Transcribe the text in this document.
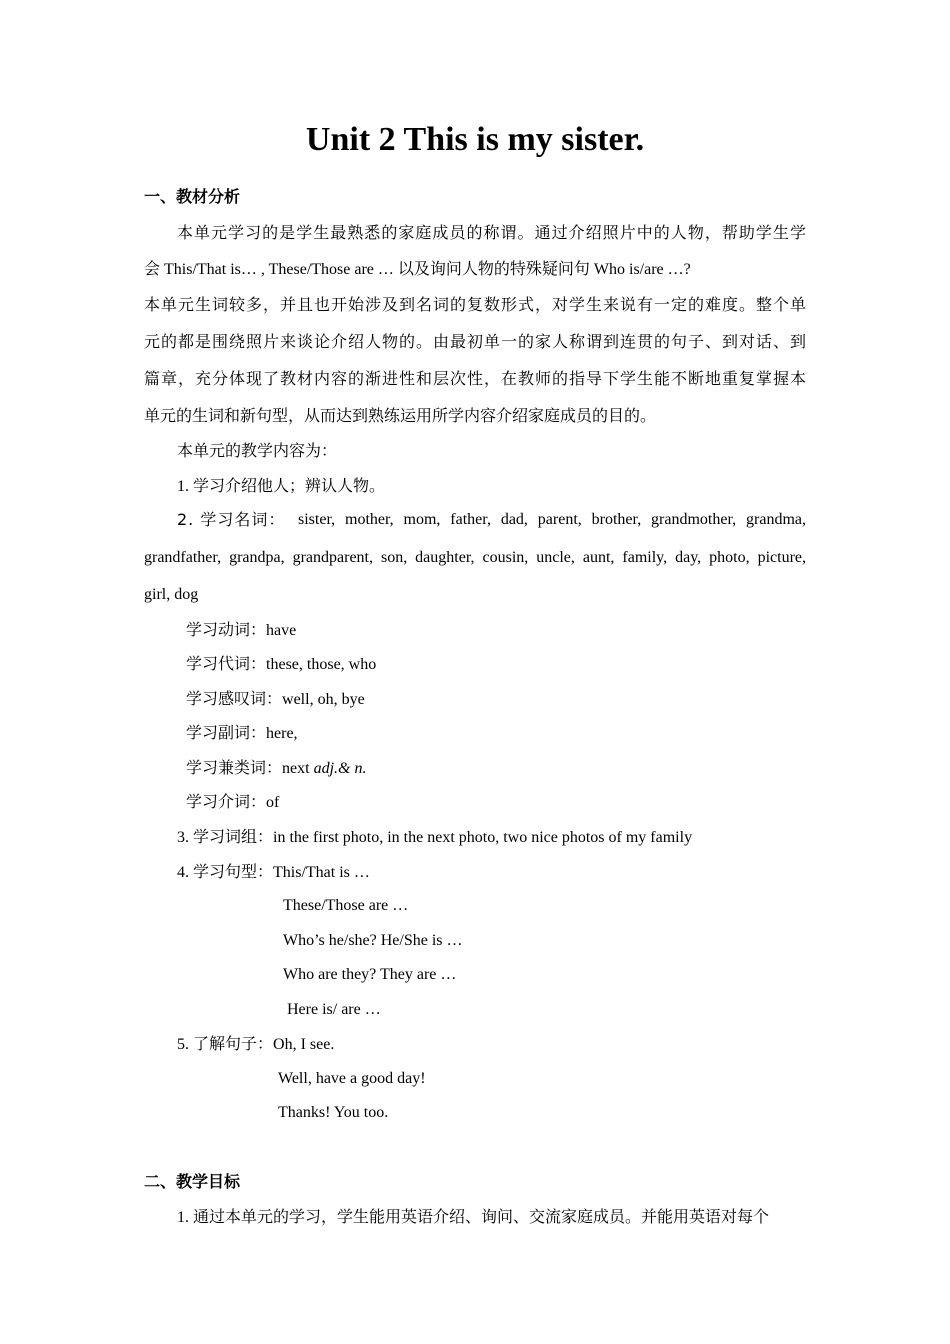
Unit 2 This is my sister.
一、教材分析
本单元学习的是学生最熟悉的家庭成员的称谓。通过介绍照片中的人物，帮助学生学
会 This/That is… , These/Those are … 以及询问人物的特殊疑问句 Who is/are …?
本单元生词较多，并且也开始涉及到名词的复数形式，对学生来说有一定的难度。整个单
元的都是围绕照片来谈论介绍人物的。由最初单一的家人称谓到连贯的句子、到对话、到
篇章，充分体现了教材内容的渐进性和层次性，在教师的指导下学生能不断地重复掌握本
单元的生词和新句型，从而达到熟练运用所学内容介绍家庭成员的目的。
本单元的教学内容为：
1. 学习介绍他人；辨认人物。
2. 学习名词： sister, mother, mom, father, dad, parent, brother, grandmother, grandma,
grandfather, grandpa, grandparent, son, daughter, cousin, uncle, aunt, family, day, photo, picture,
girl, dog
学习动词：have
学习代词：these, those, who
学习感叹词：well, oh, bye
学习副词：here,
学习兼类词：next adj.& n.
学习介词：of
3. 学习词组：in the first photo, in the next photo, two nice photos of my family
4. 学习句型：This/That is …
These/Those are …
Who’s he/she? He/She is …
Who are they? They are …
Here is/ are …
5. 了解句子：Oh, I see.
Well, have a good day!
Thanks! You too.
二、教学目标
1. 通过本单元的学习，学生能用英语介绍、询问、交流家庭成员。并能用英语对每个
